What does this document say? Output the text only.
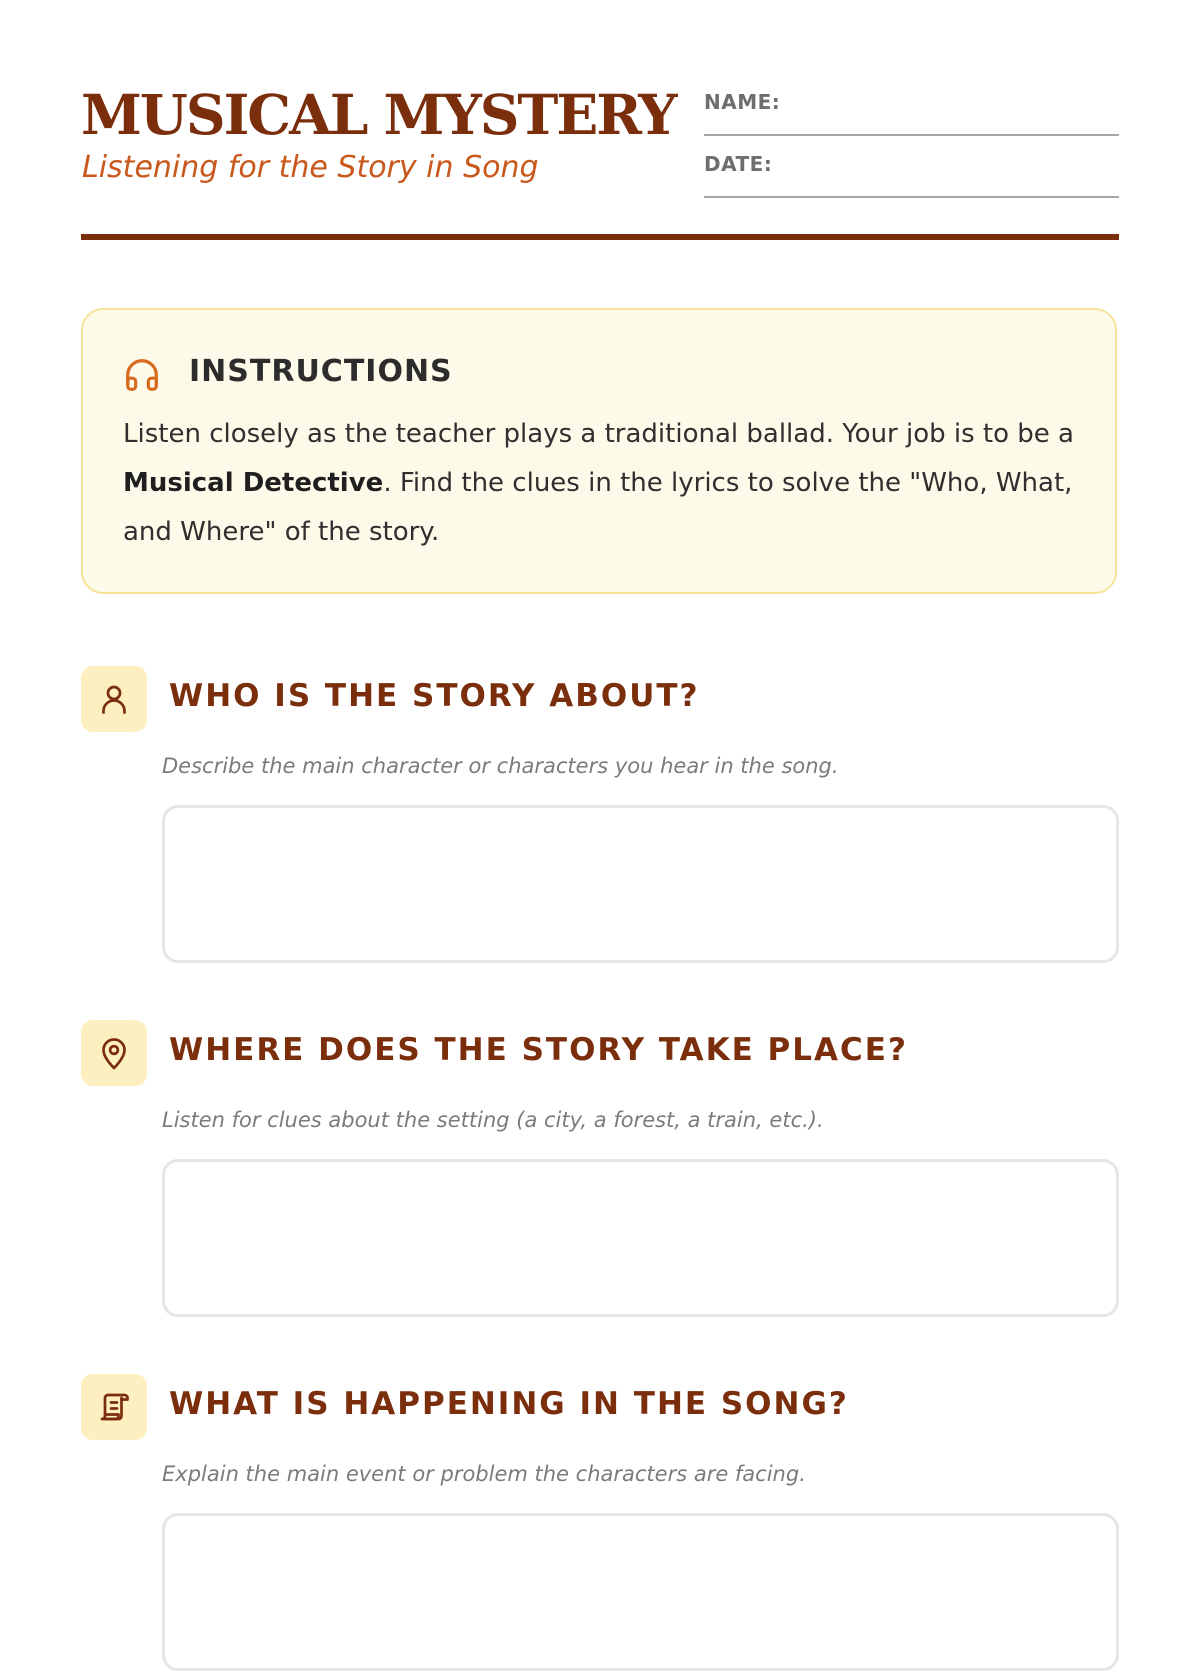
MUSICAL MYSTERY
Listening for the Story in Song
NAME:
DATE:
INSTRUCTIONS
Listen closely as the teacher plays a traditional ballad. Your job is to be a Musical Detective. Find the clues in the lyrics to solve the "Who, What, and Where" of the story.
WHO IS THE STORY ABOUT?
Describe the main character or characters you hear in the song.
WHERE DOES THE STORY TAKE PLACE?
Listen for clues about the setting (a city, a forest, a train, etc.).
WHAT IS HAPPENING IN THE SONG?
Explain the main event or problem the characters are facing.
